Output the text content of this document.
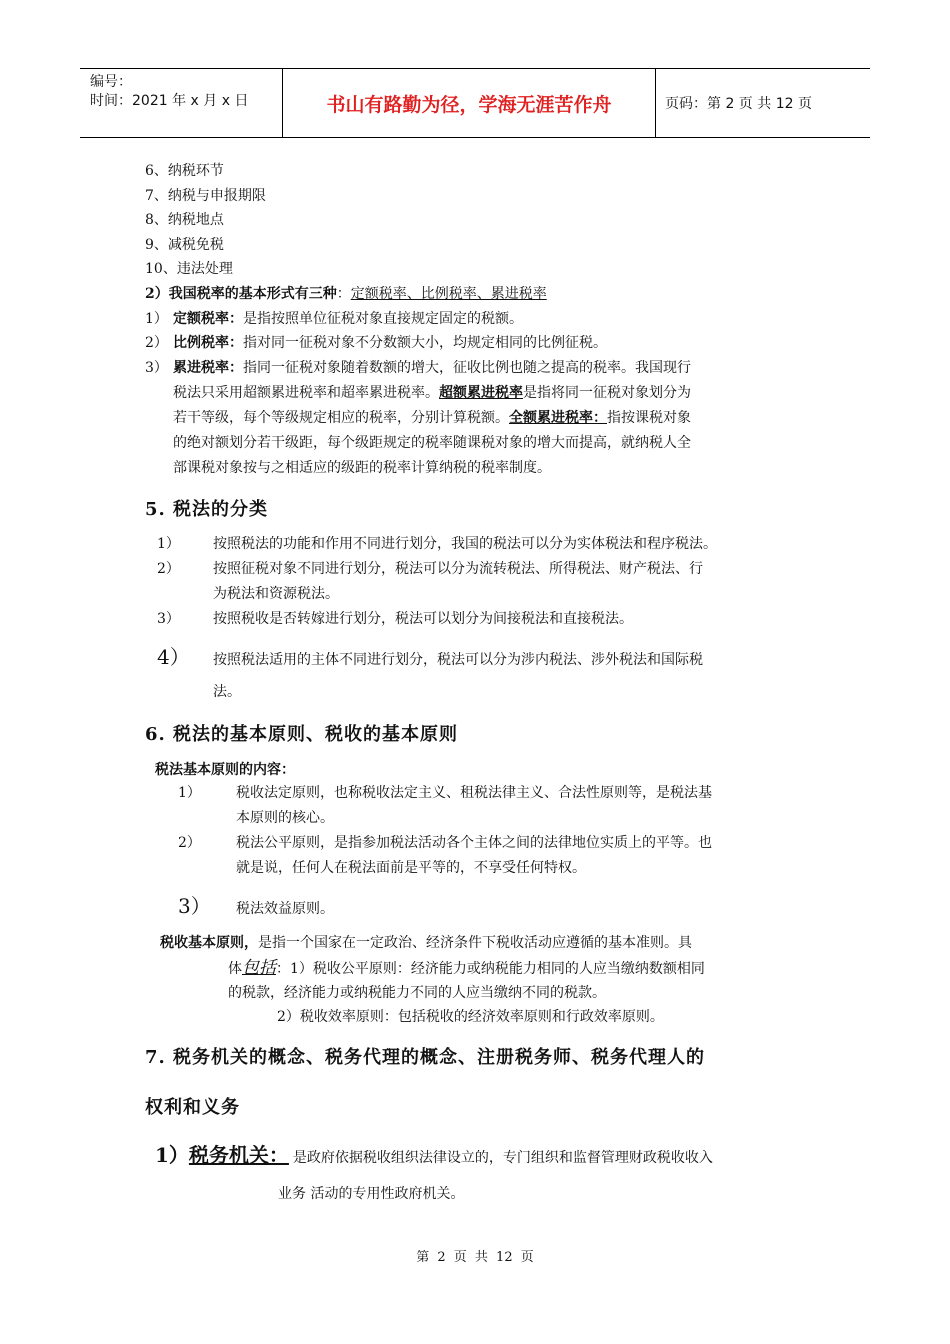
编号：
时间：2021 年 x 月 x 日	书山有路勤为径，学海无涯苦作舟	页码：第 2 页 共 12 页
6、纳税环节
7、纳税与申报期限
8、纳税地点
9、减税免税
10、违法处理
2）我国税率的基本形式有三种：定额税率、比例税率、累进税率
1） 定额税率：是指按照单位征税对象直接规定固定的税额。
2） 比例税率：指对同一征税对象不分数额大小，均规定相同的比例征税。
3） 累进税率：指同一征税对象随着数额的增大，征收比例也随之提高的税率。我国现行
税法只采用超额累进税率和超率累进税率。超额累进税率是指将同一征税对象划分为
若干等级，每个等级规定相应的税率，分别计算税额。全额累进税率：指按课税对象
的绝对额划分若干级距，每个级距规定的税率随课税对象的增大而提高，就纳税人全
部课税对象按与之相适应的级距的税率计算纳税的税率制度。
5. 税法的分类
1） 按照税法的功能和作用不同进行划分，我国的税法可以分为实体税法和程序税法。
2） 按照征税对象不同进行划分，税法可以分为流转税法、所得税法、财产税法、行
为税法和资源税法。
3） 按照税收是否转嫁进行划分，税法可以划分为间接税法和直接税法。
4） 按照税法适用的主体不同进行划分，税法可以分为涉内税法、涉外税法和国际税
法。
6. 税法的基本原则、税收的基本原则
税法基本原则的内容：
1）	税收法定原则，也称税收法定主义、租税法律主义、合法性原则等，是税法基
本原则的核心。
2）	税法公平原则，是指参加税法活动各个主体之间的法律地位实质上的平等。也
就是说，任何人在税法面前是平等的，不享受任何特权。
3） 税法效益原则。
税收基本原则，是指一个国家在一定政治、经济条件下税收活动应遵循的基本准则。具
体包括：1）税收公平原则：经济能力或纳税能力相同的人应当缴纳数额相同
的税款，经济能力或纳税能力不同的人应当缴纳不同的税款。
2）税收效率原则：包括税收的经济效率原则和行政效率原则。
7. 税务机关的概念、税务代理的概念、注册税务师、税务代理人的
权利和义务
1）税务机关： 是政府依据税收组织法律设立的，专门组织和监督管理财政税收收入
业务 活动的专用性政府机关。
第 2 页 共 12 页
